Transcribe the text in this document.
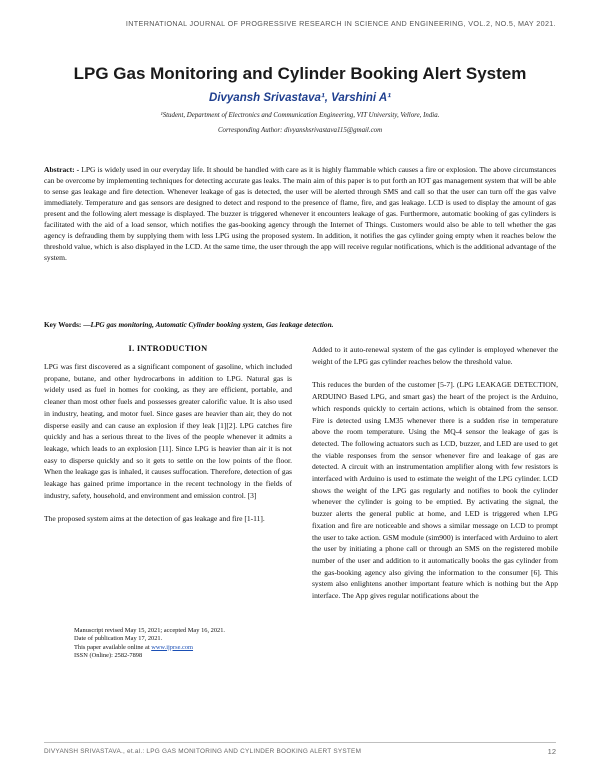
INTERNATIONAL JOURNAL OF PROGRESSIVE RESEARCH IN SCIENCE AND ENGINEERING, VOL.2, NO.5, MAY 2021.
LPG Gas Monitoring and Cylinder Booking Alert System
Divyansh Srivastava¹, Varshini A¹
¹Student, Department of Electronics and Communication Engineering, VIT University, Vellore, India.
Corresponding Author: divyanshsrivastava115@gmail.com

Abstract: - LPG is widely used in our everyday life. It should be handled with care as it is highly flammable which causes a fire or explosion. The above circumstances can be overcome by implementing techniques for detecting accurate gas leaks. The main aim of this paper is to put forth an IOT gas management system that will be able to sense gas leakage and fire detection. Whenever leakage of gas is detected, the user will be alerted through SMS and call so that the user can turn off the gas valve immediately. Temperature and gas sensors are designed to detect and respond to the presence of flame, fire, and gas leakage. LCD is used to display the amount of gas present and the following alert message is displayed. The buzzer is triggered whenever it encounters leakage of gas. Furthermore, automatic booking of gas cylinders is facilitated with the aid of a load sensor, which notifies the gas-booking agency through the Internet of Things. Customers would also be able to tell whether the gas agency is defrauding them by supplying them with less LPG using the proposed system. In addition, it notifies the gas cylinder going empty when it reaches below the threshold value, which is also displayed in the LCD. At the same time, the user through the app will receive regular notifications, which is the additional advantage of the system.

Key Words: —LPG gas monitoring, Automatic Cylinder booking system, Gas leakage detection.

I. INTRODUCTION

LPG was first discovered as a significant component of gasoline, which included propane, butane, and other hydrocarbons in addition to LPG. Natural gas is widely used as fuel in homes for cooking, as they are efficient, portable, and cleaner than most other fuels and possesses greater calorific value. It is also used in industry, heating, and motor fuel. Since gases are heavier than air, they do not disperse easily and can cause an explosion if they leak [1][2]. LPG catches fire quickly and has a serious threat to the lives of the people whenever it admits a leakage, which leads to an explosion [11]. Since LPG is heavier than air it is not easy to disperse quickly and so it gets to settle on the low points of the floor. When the leakage gas is inhaled, it causes suffocation. Therefore, detection of gas leakage has gained prime importance in the recent technology in the fields of industry, safety, household, and environment and emission control. [3]

The proposed system aims at the detection of gas leakage and fire [1-11].

Manuscript revised May 15, 2021; accepted May 16, 2021.
Date of publication May 17, 2021.
This paper available online at www.ijprse.com
ISSN (Online): 2582-7898

Added to it auto-renewal system of the gas cylinder is employed whenever the weight of the LPG gas cylinder reaches below the threshold value.

This reduces the burden of the customer [5-7]. (LPG LEAKAGE DETECTION, ARDUINO Based LPG, and smart gas) the heart of the project is the Arduino, which responds quickly to certain actions, which is obtained from the sensor. Fire is detected using LM35 whenever there is a sudden rise in temperature above the room temperature. Using the MQ-4 sensor the leakage of gas is detected. The following actuators such as LCD, buzzer, and LED are used to get the viable responses from the sensor whenever fire and leakage of gas are detected. A circuit with an instrumentation amplifier along with few resistors is interfaced with Arduino is used to estimate the weight of the LPG cylinder. LCD shows the weight of the LPG gas regularly and notifies to book the cylinder whenever the cylinder is going to be emptied. By activating the signal, the buzzer alerts the general public at home, and LED is triggered when LPG fixation and fire are noticeable and shows a similar message on LCD to prompt the user to take action. GSM module (sim900) is interfaced with Arduino to alert the user by initiating a phone call or through an SMS on the registered mobile number of the user and addition to it automatically books the gas cylinder from the gas-booking agency also giving the information to the consumer [6]. This system also enlightens another important feature which is nothing but the App interface. The App gives regular notifications about the

DIVYANSH SRIVASTAVA., et.al.: LPG GAS MONITORING AND CYLINDER BOOKING ALERT SYSTEM	12
